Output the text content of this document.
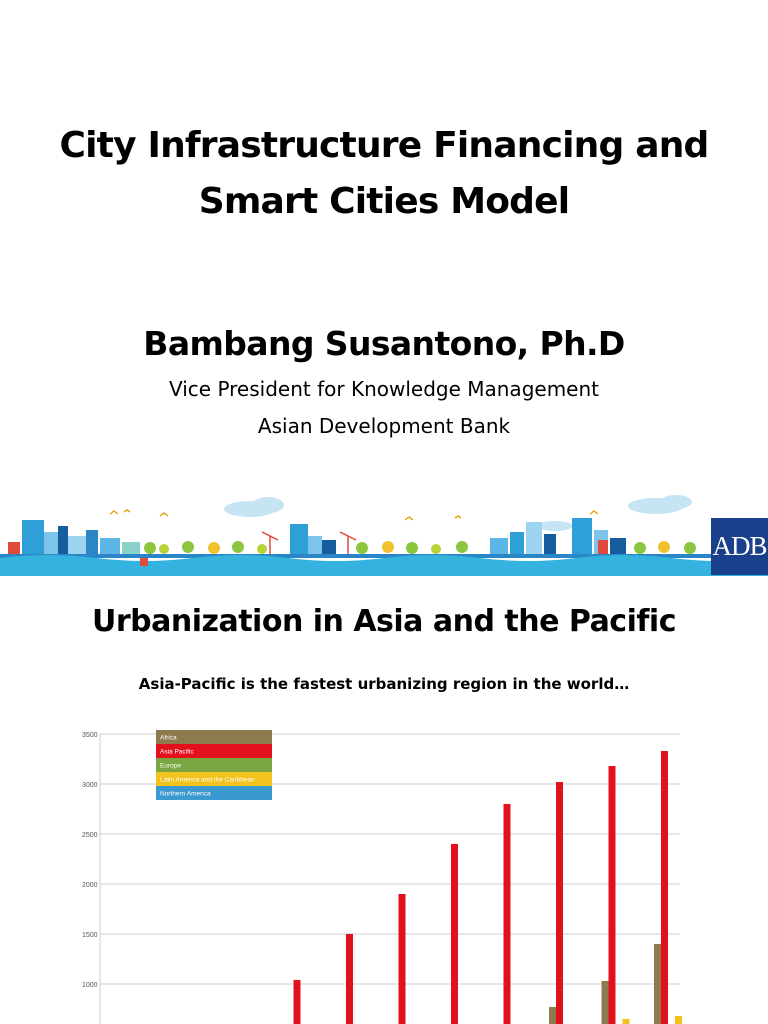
City Infrastructure Financing and
Smart Cities Model
Bambang Susantono, Ph.D
Vice President for Knowledge Management
Asian Development Bank
ADB
Urbanization in Asia and the Pacific
Asia-Pacific is the fastest urbanizing region in the world…
1000
1500
2000
2500
3000
3500	Africa
Asia Pacific
Europe
Latin America and the Caribbean
Northern America
